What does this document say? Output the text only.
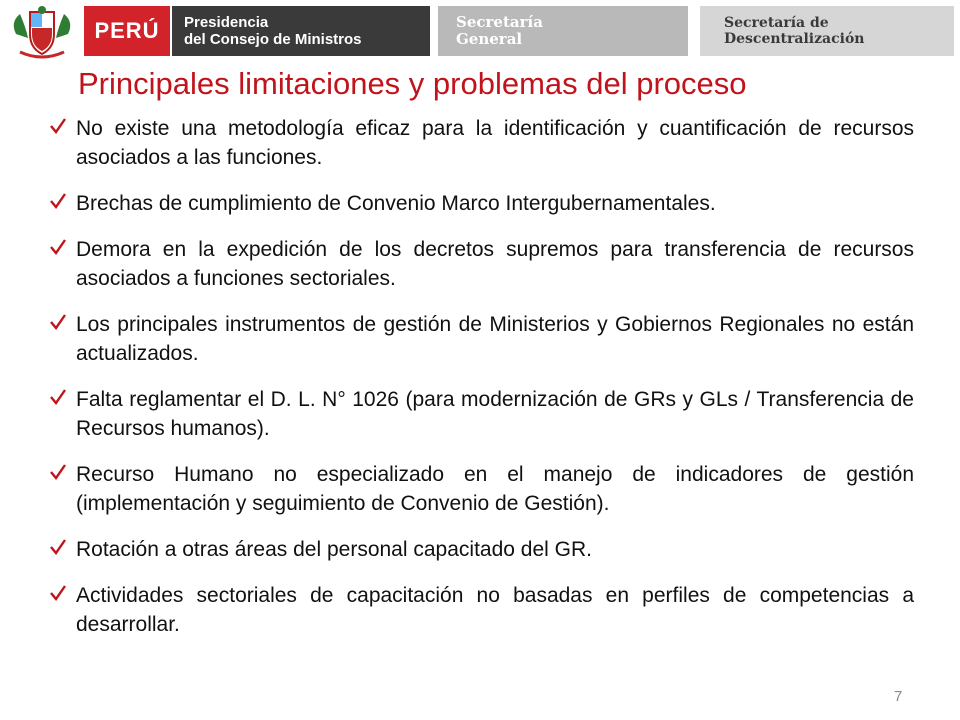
PERÚ Presidencia
del Consejo de Ministros
Secretaría
General
Secretaría de
Descentralización
Principales limitaciones y problemas del proceso
No existe una metodología eficaz para la identificación y cuantificación de recursos asociados a las funciones.
Brechas de cumplimiento de Convenio Marco Intergubernamentales.
Demora en la expedición de los decretos supremos para transferencia de recursos asociados a funciones sectoriales.
Los principales instrumentos de gestión de Ministerios y Gobiernos Regionales no están actualizados.
Falta reglamentar el D. L. N° 1026 (para modernización de GRs y GLs / Transferencia de Recursos humanos).
Recurso Humano no especializado en el manejo de indicadores de gestión (implementación y seguimiento de Convenio de Gestión).
Rotación a otras áreas del personal capacitado del GR.
Actividades sectoriales de capacitación no basadas en perfiles de competencias a desarrollar.
7
